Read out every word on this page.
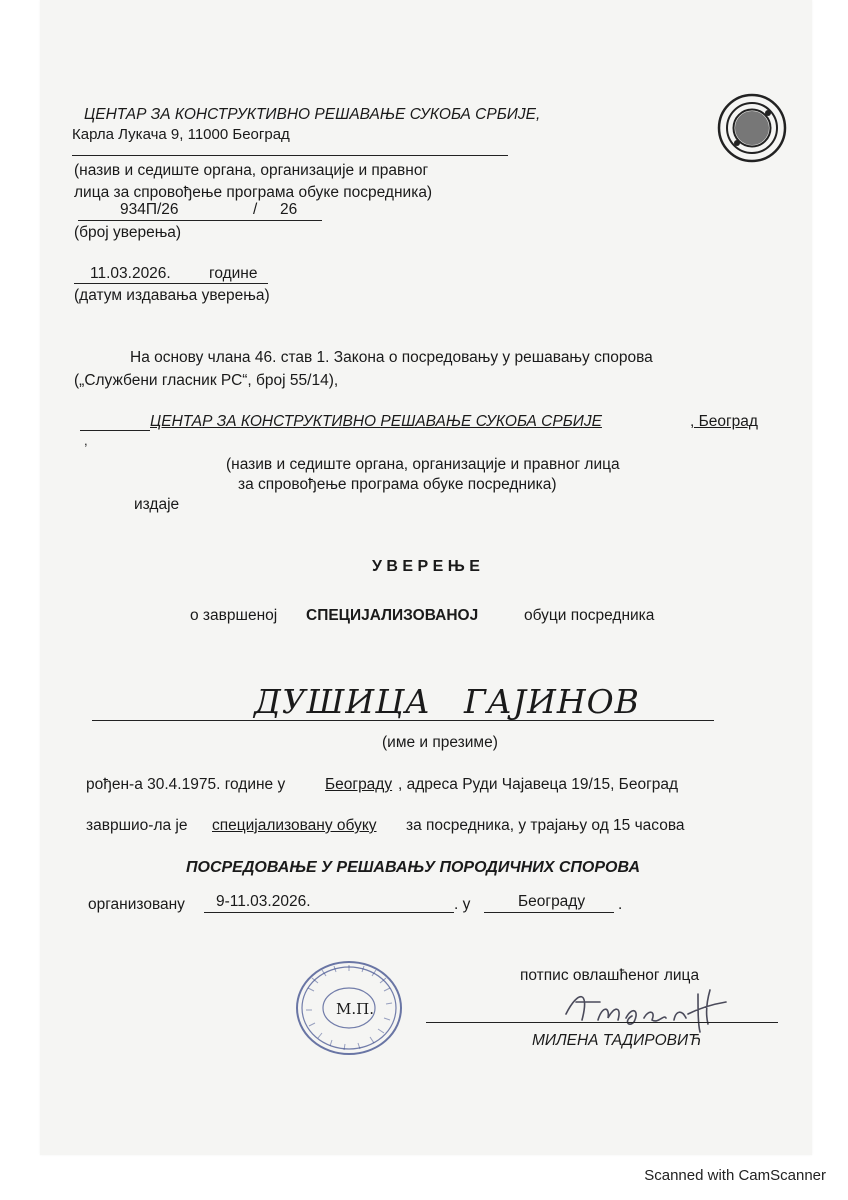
ЦЕНТАР ЗА КОНСТРУКТИВНО РЕШАВАЊЕ СУКОБА СРБИЈЕ,
Карла Лукача 9, 11000 Београд
(назив и седиште органа, организације и правног
лица за спровођење програма обуке посредника)
934П/26	/ 26
(број уверења)
11.03.2026. године
(датум издавања уверења)
На основу члана 46. став 1. Закона о посредовању у решавању спорова
(„Службени гласник РС“, број 55/14),
ЦЕНТАР ЗА КОНСТРУКТИВНО РЕШАВАЊЕ СУКОБА СРБИЈЕ	, Београд
,
(назив и седиште органа, организације и правног лица
за спровођење програма обуке посредника)
издаје
У В Е Р Е Њ Е
о завршеној СПЕЦИЈАЛИЗОВАНОЈ	обуци посредника
ДУШИЦА ГАЈИНОВ
(име и презиме)
рођен-а 30.4.1975. године у	Београду , адреса Руди Чајавеца 19/15, Београд
завршио-ла је специјализовану обуку за посредника, у трајању од 15 часова
ПОСРЕДОВАЊЕ У РЕШАВАЊУ ПОРОДИЧНИХ СПОРОВА
организовану 9-11.03.2026.	. у	Београду .
М.П.
потпис овлашћеног лица
МИЛЕНА ТАДИРОВИЋ
Scanned with CamScanner
